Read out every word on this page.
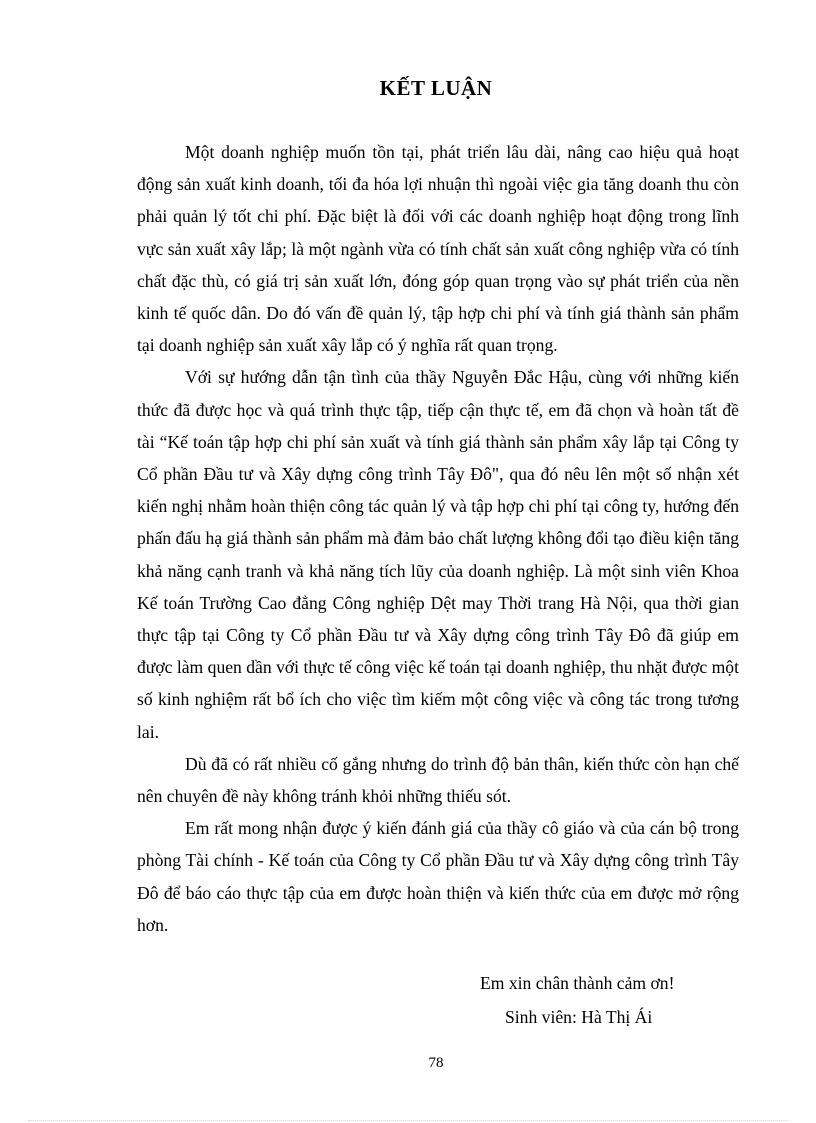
KẾT LUẬN

Một doanh nghiệp muốn tồn tại, phát triển lâu dài, nâng cao hiệu quả hoạt động sản xuất kinh doanh, tối đa hóa lợi nhuận thì ngoài việc gia tăng doanh thu còn phải quản lý tốt chi phí. Đặc biệt là đối với các doanh nghiệp hoạt động trong lĩnh vực sản xuất xây lắp; là một ngành vừa có tính chất sản xuất công nghiệp vừa có tính chất đặc thù, có giá trị sản xuất lớn, đóng góp quan trọng vào sự phát triển của nền kinh tế quốc dân. Do đó vấn đề quản lý, tập hợp chi phí và tính giá thành sản phẩm tại doanh nghiệp sản xuất xây lắp có ý nghĩa rất quan trọng.

Với sự hướng dẫn tận tình của thầy Nguyễn Đắc Hậu, cùng với những kiến thức đã được học và quá trình thực tập, tiếp cận thực tế, em đã chọn và hoàn tất đề tài “Kế toán tập hợp chi phí sản xuất và tính giá thành sản phẩm xây lắp tại Công ty Cổ phần Đầu tư và Xây dựng công trình Tây Đô", qua đó nêu lên một số nhận xét kiến nghị nhằm hoàn thiện công tác quản lý và tập hợp chi phí tại công ty, hướng đến phấn đấu hạ giá thành sản phẩm mà đảm bảo chất lượng không đổi tạo điều kiện tăng khả năng cạnh tranh và khả năng tích lũy của doanh nghiệp. Là một sinh viên Khoa Kế toán Trường Cao đẳng Công nghiệp Dệt may Thời trang Hà Nội, qua thời gian thực tập tại Công ty Cổ phần Đầu tư và Xây dựng công trình Tây Đô đã giúp em được làm quen dần với thực tế công việc kế toán tại doanh nghiệp, thu nhặt được một số kinh nghiệm rất bổ ích cho việc tìm kiếm một công việc và công tác trong tương lai.

Dù đã có rất nhiều cố gắng nhưng do trình độ bản thân, kiến thức còn hạn chế nên chuyên đề này không tránh khỏi những thiếu sót.

Em rất mong nhận được ý kiến đánh giá của thầy cô giáo và của cán bộ trong phòng Tài chính - Kế toán của Công ty Cổ phần Đầu tư và Xây dựng công trình Tây Đô để báo cáo thực tập của em được hoàn thiện và kiến thức của em được mở rộng hơn.

Em xin chân thành cảm ơn!
Sinh viên: Hà Thị Ái
78
